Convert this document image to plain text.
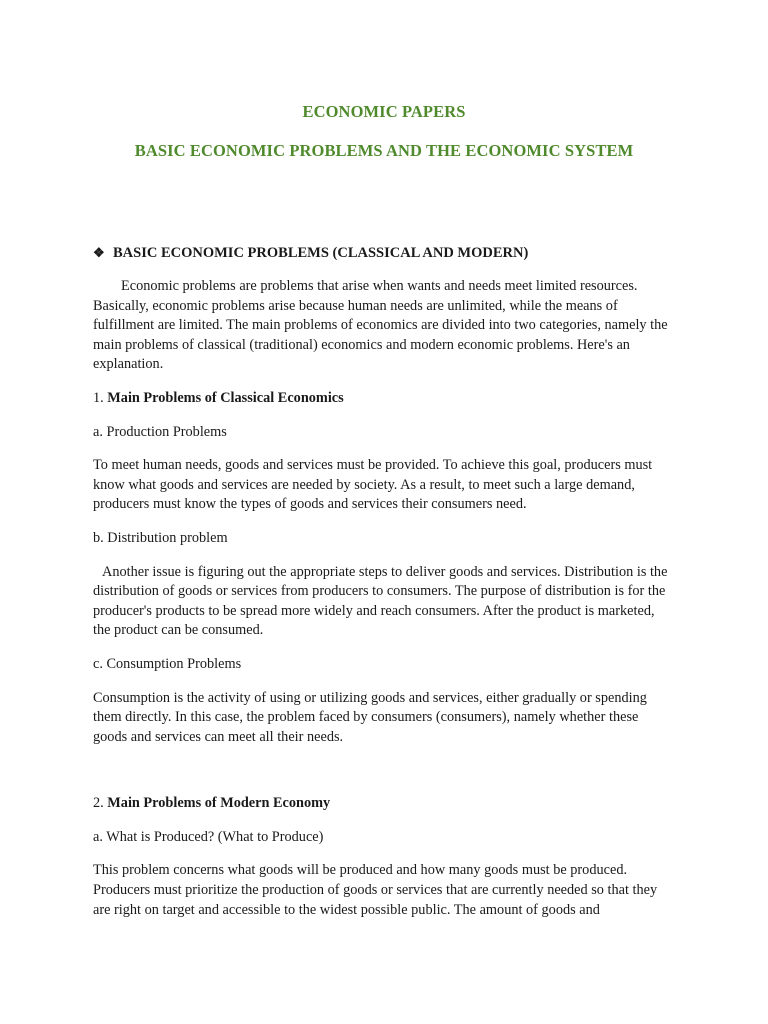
ECONOMIC PAPERS
BASIC ECONOMIC PROBLEMS AND THE ECONOMIC SYSTEM
❖ BASIC ECONOMIC PROBLEMS (CLASSICAL AND MODERN)

Economic problems are problems that arise when wants and needs meet limited resources. Basically, economic problems arise because human needs are unlimited, while the means of fulfillment are limited. The main problems of economics are divided into two categories, namely the main problems of classical (traditional) economics and modern economic problems. Here's an explanation.

1. Main Problems of Classical Economics

a. Production Problems

To meet human needs, goods and services must be provided. To achieve this goal, producers must know what goods and services are needed by society. As a result, to meet such a large demand, producers must know the types of goods and services their consumers need.

b. Distribution problem

Another issue is figuring out the appropriate steps to deliver goods and services. Distribution is the distribution of goods or services from producers to consumers. The purpose of distribution is for the producer's products to be spread more widely and reach consumers. After the product is marketed, the product can be consumed.

c. Consumption Problems

Consumption is the activity of using or utilizing goods and services, either gradually or spending them directly. In this case, the problem faced by consumers (consumers), namely whether these goods and services can meet all their needs.

2. Main Problems of Modern Economy

a. What is Produced? (What to Produce)

This problem concerns what goods will be produced and how many goods must be produced. Producers must prioritize the production of goods or services that are currently needed so that they are right on target and accessible to the widest possible public. The amount of goods and
